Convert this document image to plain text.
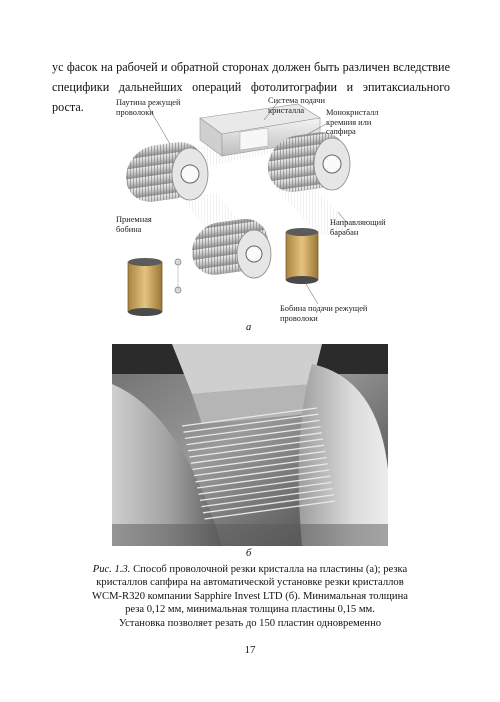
ус фасок на рабочей и обратной сторонах должен быть различен вследствие
специфики дальнейших операций фотолитографии и эпитаксиального роста.	Паутина режущей проволоки
Система подачи кристалла	Монокристалл кремния или сапфира
Приемная бобина
Направляющий барабан
Бобина подачи режущей проволоки
а
б
Рис. 1.3. Способ проволочной резки кристалла на пластины (а); резка
кристаллов сапфира на автоматической установке резки кристаллов
WCM-R320 компании Sapphire Invest LTD (б). Минимальная толщина
реза 0,12 мм, минимальная толщина пластины 0,15 мм.
Установка позволяет резать до 150 пластин одновременно
17
